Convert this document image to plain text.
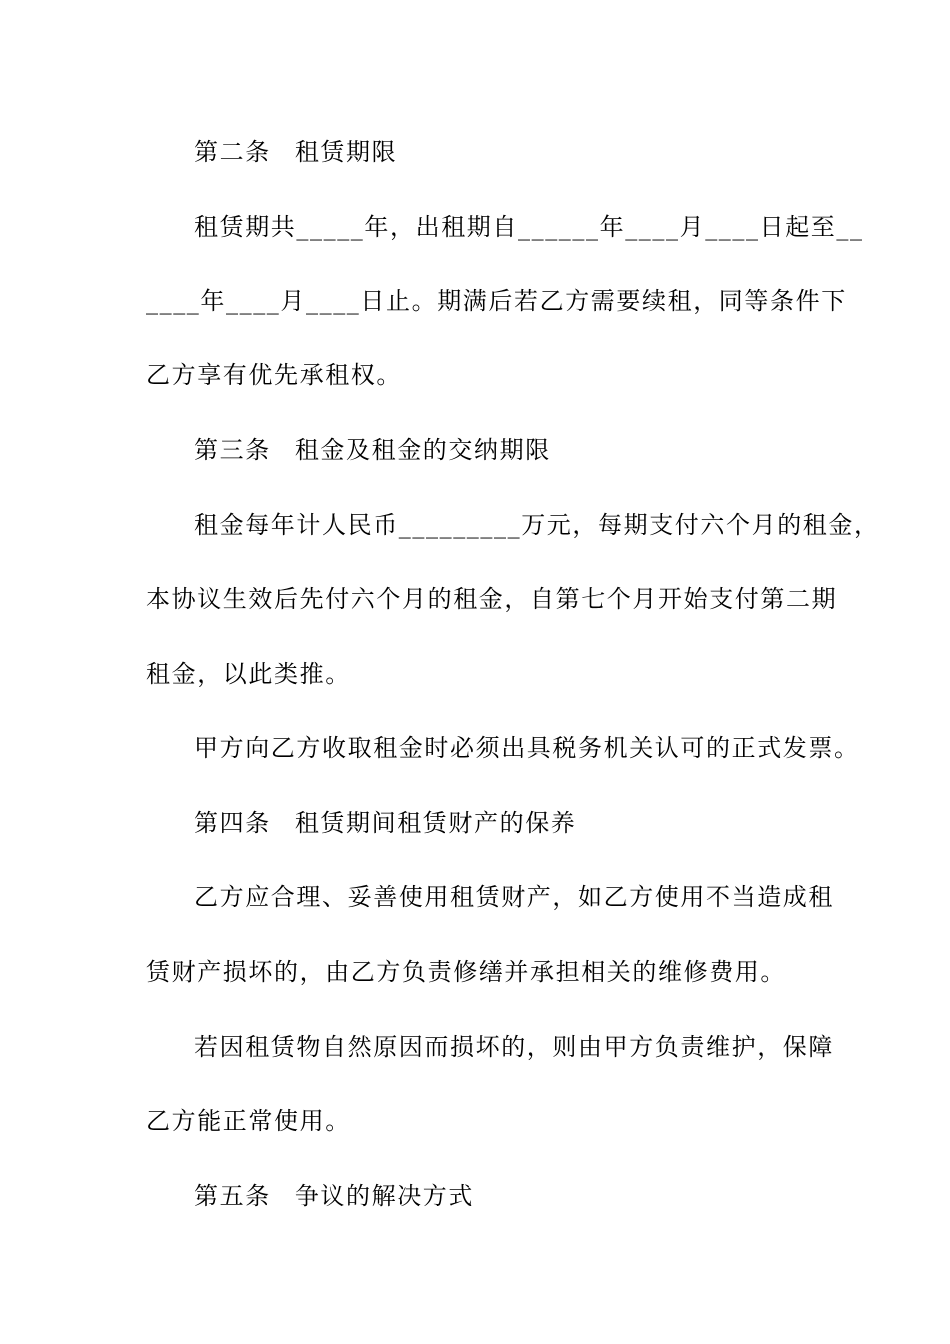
第二条 租赁期限
租赁期共_____年，出租期自______年____月____日起至__
____年____月____日止。期满后若乙方需要续租，同等条件下
乙方享有优先承租权。
第三条 租金及租金的交纳期限
租金每年计人民币_________万元，每期支付六个月的租金，
本协议生效后先付六个月的租金，自第七个月开始支付第二期
租金，以此类推。
甲方向乙方收取租金时必须出具税务机关认可的正式发票。
第四条 租赁期间租赁财产的保养
乙方应合理、妥善使用租赁财产，如乙方使用不当造成租
赁财产损坏的，由乙方负责修缮并承担相关的维修费用。
若因租赁物自然原因而损坏的，则由甲方负责维护，保障
乙方能正常使用。
第五条 争议的解决方式
